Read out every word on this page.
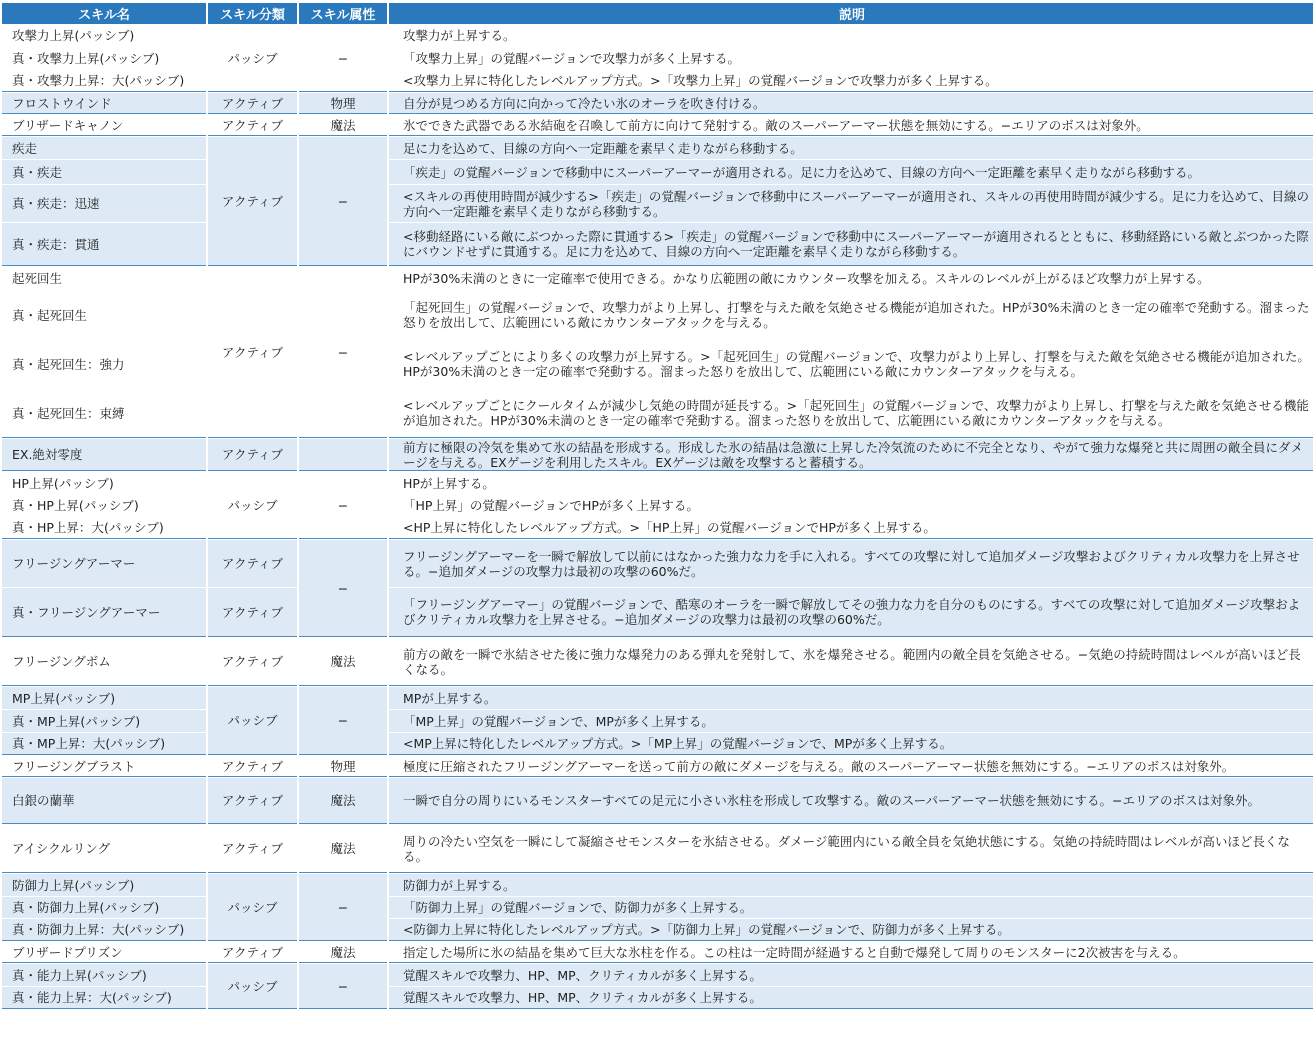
スキル名	スキル分類	スキル属性	説明
攻撃力上昇(パッシブ)	パッシブ	−	攻撃力が上昇する。
真・攻撃力上昇(パッシブ)			「攻撃力上昇」の覚醒バージョンで攻撃力が多く上昇する。
真・攻撃力上昇：大(パッシブ)			<攻撃力上昇に特化したレベルアップ方式。>「攻撃力上昇」の覚醒バージョンで攻撃力が多く上昇する。
フロストウインド	アクティブ	物理	自分が見つめる方向に向かって冷たい氷のオーラを吹き付ける。
ブリザードキャノン	アクティブ	魔法	氷でできた武器である氷結砲を召喚して前方に向けて発射する。敵のスーパーアーマー状態を無効にする。−エリアのボスは対象外。
疾走	アクティブ	−	足に力を込めて、目線の方向へ一定距離を素早く走りながら移動する。
真・疾走			「疾走」の覚醒バージョンで移動中にスーパーアーマーが適用される。足に力を込めて、目線の方向へ一定距離を素早く走りながら移動する。
真・疾走：迅速			<スキルの再使用時間が減少する>「疾走」の覚醒バージョンで移動中にスーパーアーマーが適用され、スキルの再使用時間が減少する。足に力を込めて、目線の方向へ一定距離を素早く走りながら移動する。
真・疾走：貫通			<移動経路にいる敵にぶつかった際に貫通する>「疾走」の覚醒バージョンで移動中にスーパーアーマーが適用されるとともに、移動経路にいる敵とぶつかった際にバウンドせずに貫通する。足に力を込めて、目線の方向へ一定距離を素早く走りながら移動する。
起死回生	アクティブ	−	HPが30%未満のときに一定確率で使用できる。かなり広範囲の敵にカウンター攻撃を加える。スキルのレベルが上がるほど攻撃力が上昇する。
真・起死回生			「起死回生」の覚醒バージョンで、攻撃力がより上昇し、打撃を与えた敵を気絶させる機能が追加された。HPが30%未満のとき一定の確率で発動する。溜まった怒りを放出して、広範囲にいる敵にカウンターアタックを与える。
真・起死回生：強力			<レベルアップごとにより多くの攻撃力が上昇する。>「起死回生」の覚醒バージョンで、攻撃力がより上昇し、打撃を与えた敵を気絶させる機能が追加された。HPが30%未満のとき一定の確率で発動する。溜まった怒りを放出して、広範囲にいる敵にカウンターアタックを与える。
真・起死回生：束縛			<レベルアップごとにクールタイムが減少し気絶の時間が延長する。>「起死回生」の覚醒バージョンで、攻撃力がより上昇し、打撃を与えた敵を気絶させる機能が追加された。HPが30%未満のとき一定の確率で発動する。溜まった怒りを放出して、広範囲にいる敵にカウンターアタックを与える。
EX.絶対零度	アクティブ		前方に極限の冷気を集めて氷の結晶を形成する。形成した氷の結晶は急激に上昇した冷気流のために不完全となり、やがて強力な爆発と共に周囲の敵全員にダメージを与える。EXゲージを利用したスキル。EXゲージは敵を攻撃すると蓄積する。
HP上昇(パッシブ)	パッシブ	−	HPが上昇する。
真・HP上昇(パッシブ)			「HP上昇」の覚醒バージョンでHPが多く上昇する。
真・HP上昇：大(パッシブ)			<HP上昇に特化したレベルアップ方式。>「HP上昇」の覚醒バージョンでHPが多く上昇する。
フリージングアーマー	アクティブ	−	フリージングアーマーを一瞬で解放して以前にはなかった強力な力を手に入れる。すべての攻撃に対して追加ダメージ攻撃およびクリティカル攻撃力を上昇させる。−追加ダメージの攻撃力は最初の攻撃の60%だ。
真・フリージングアーマー	アクティブ		「フリージングアーマー」の覚醒バージョンで、酷寒のオーラを一瞬で解放してその強力な力を自分のものにする。すべての攻撃に対して追加ダメージ攻撃およびクリティカル攻撃力を上昇させる。−追加ダメージの攻撃力は最初の攻撃の60%だ。
フリージングボム	アクティブ	魔法	前方の敵を一瞬で氷結させた後に強力な爆発力のある弾丸を発射して、氷を爆発させる。範囲内の敵全員を気絶させる。−気絶の持続時間はレベルが高いほど長くなる。
MP上昇(パッシブ)	パッシブ	−	MPが上昇する。
真・MP上昇(パッシブ)			「MP上昇」の覚醒バージョンで、MPが多く上昇する。
真・MP上昇：大(パッシブ)			<MP上昇に特化したレベルアップ方式。>「MP上昇」の覚醒バージョンで、MPが多く上昇する。
フリージングブラスト	アクティブ	物理	極度に圧縮されたフリージングアーマーを送って前方の敵にダメージを与える。敵のスーパーアーマー状態を無効にする。−エリアのボスは対象外。
白銀の蘭華	アクティブ	魔法	一瞬で自分の周りにいるモンスターすべての足元に小さい氷柱を形成して攻撃する。敵のスーパーアーマー状態を無効にする。−エリアのボスは対象外。
アイシクルリング	アクティブ	魔法	周りの冷たい空気を一瞬にして凝縮させモンスターを氷結させる。ダメージ範囲内にいる敵全員を気絶状態にする。気絶の持続時間はレベルが高いほど長くなる。
防御力上昇(パッシブ)	パッシブ	−	防御力が上昇する。
真・防御力上昇(パッシブ)			「防御力上昇」の覚醒バージョンで、防御力が多く上昇する。
真・防御力上昇：大(パッシブ)			<防御力上昇に特化したレベルアップ方式。>「防御力上昇」の覚醒バージョンで、防御力が多く上昇する。
ブリザードプリズン	アクティブ	魔法	指定した場所に氷の結晶を集めて巨大な氷柱を作る。この柱は一定時間が経過すると自動で爆発して周りのモンスターに2次被害を与える。
真・能力上昇(パッシブ)	パッシブ	−	覚醒スキルで攻撃力、HP、MP、クリティカルが多く上昇する。
真・能力上昇：大(パッシブ)			覚醒スキルで攻撃力、HP、MP、クリティカルが多く上昇する。
